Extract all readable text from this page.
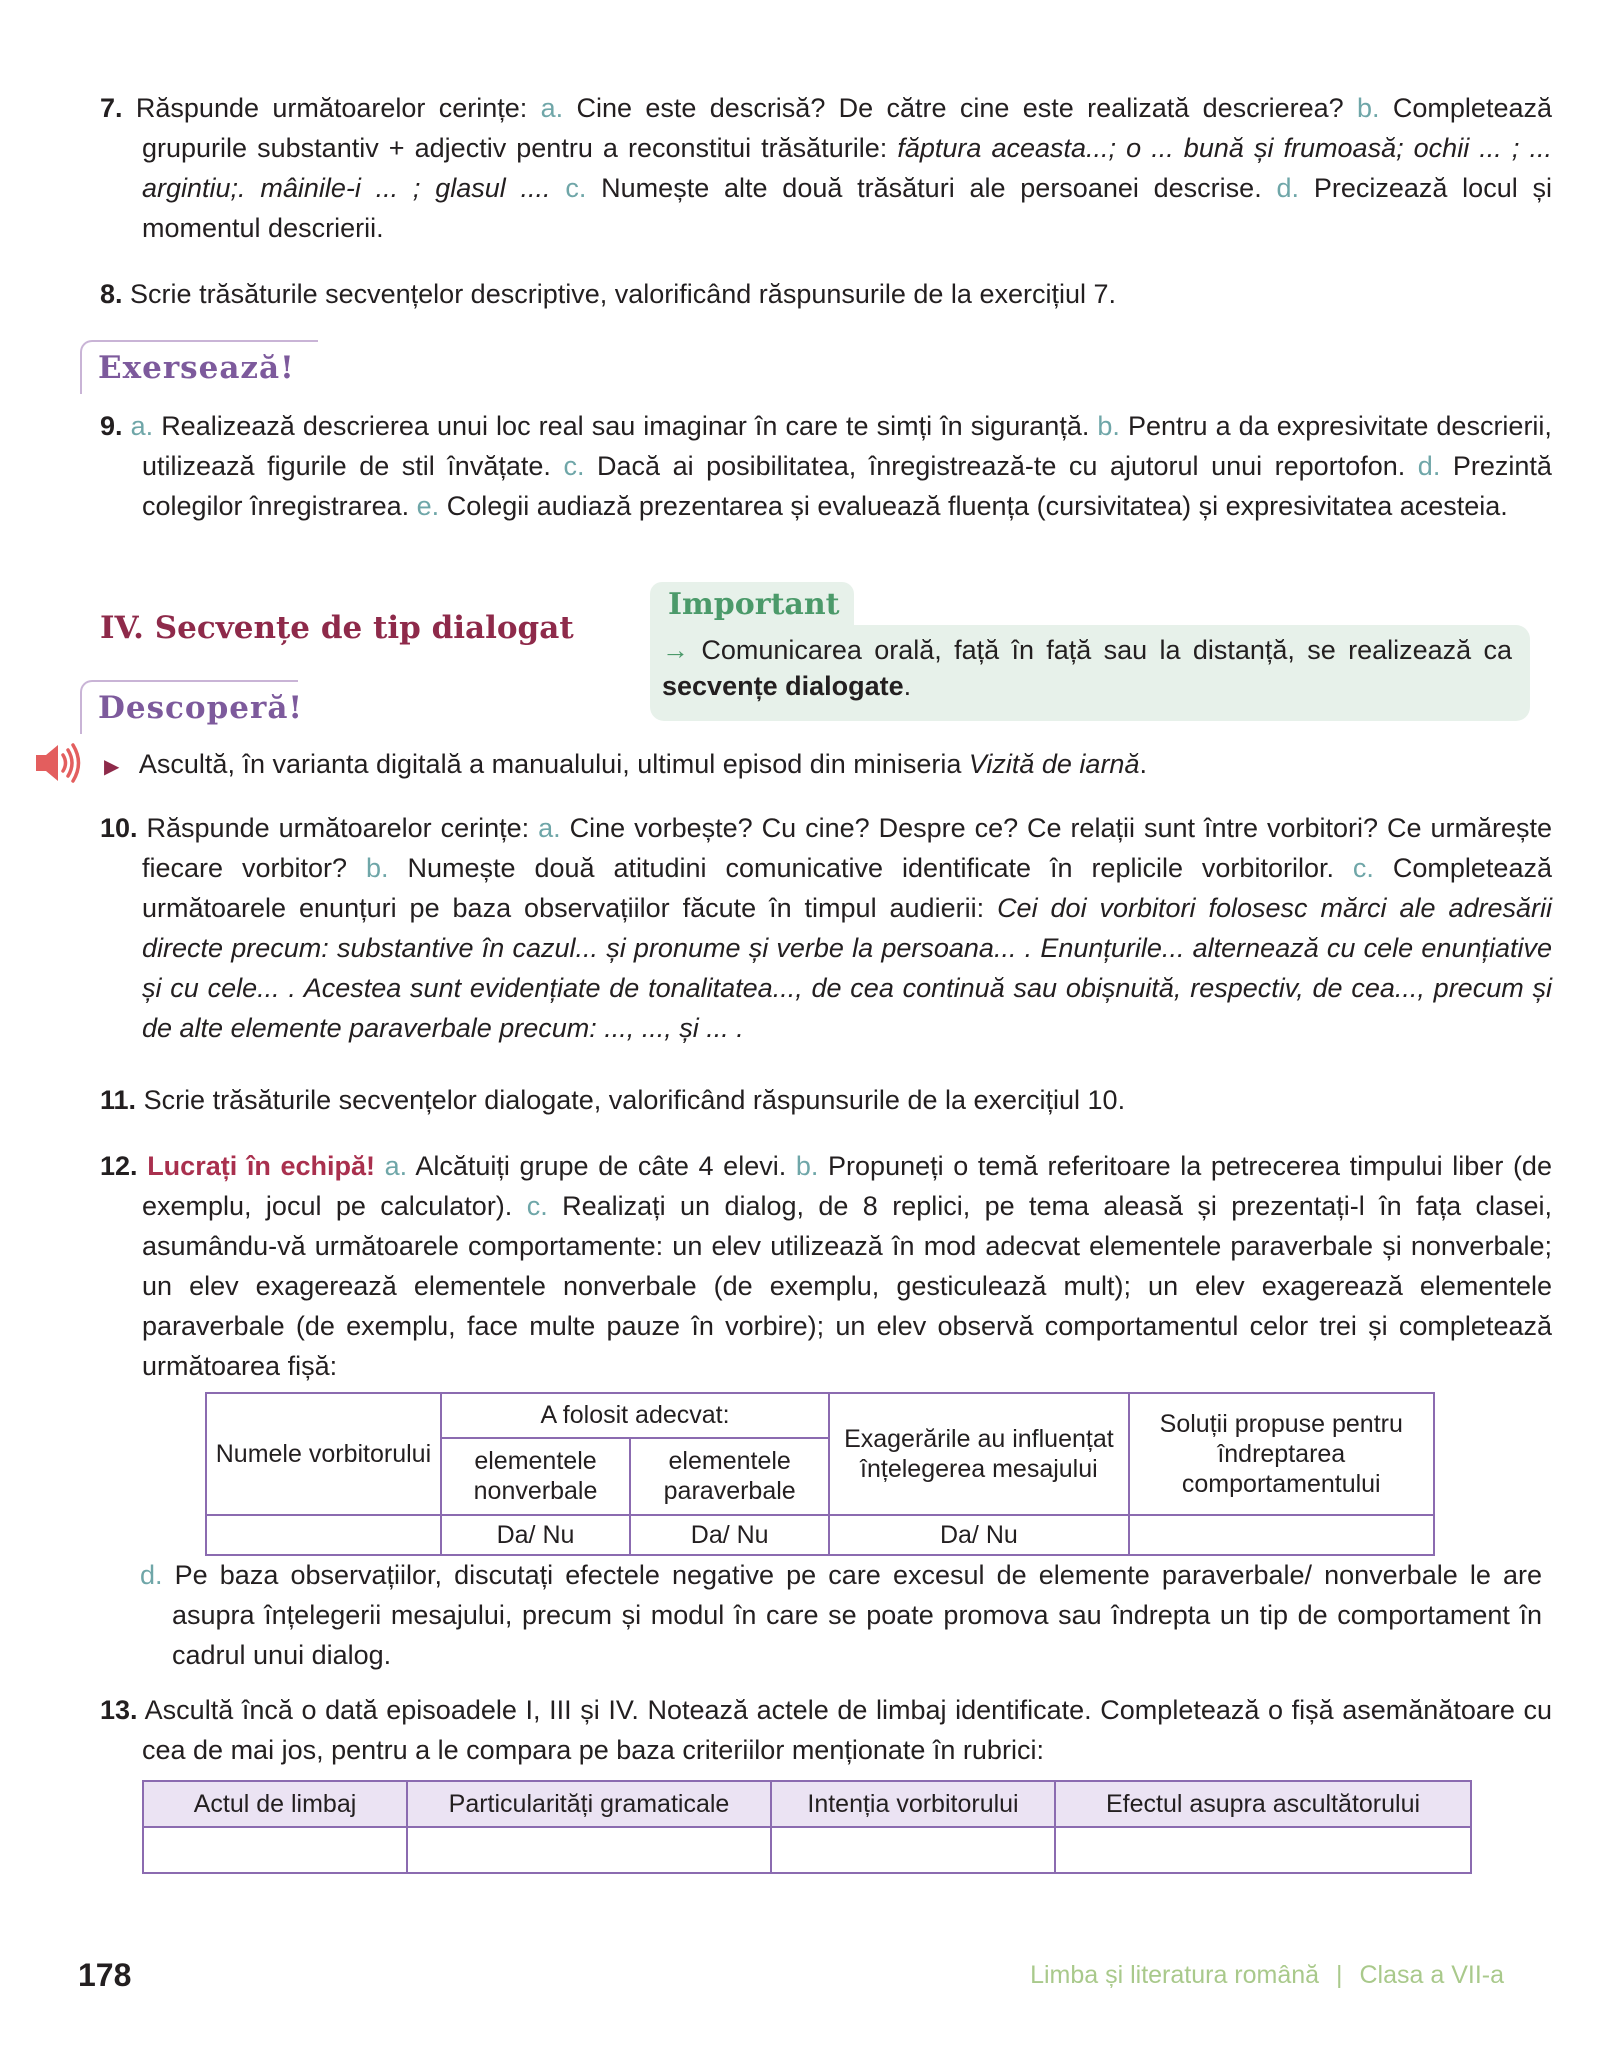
7. Răspunde următoarelor cerințe: a. Cine este descrisă? De către cine este realizată descrierea? b. Completează grupurile substantiv + adjectiv pentru a reconstitui trăsăturile: făptura aceasta...; o ... bună și frumoasă; ochii ... ; ... argintiu;. mâinile-i ... ; glasul .... c. Numește alte două trăsături ale persoanei descrise. d. Precizează locul și momentul descrierii.
8. Scrie trăsăturile secvențelor descriptive, valorificând răspunsurile de la exercițiul 7.
Exersează!
9. a. Realizează descrierea unui loc real sau imaginar în care te simți în siguranță. b. Pentru a da expresivitate descrierii, utilizează figurile de stil învățate. c. Dacă ai posibilitatea, înregistrează-te cu ajutorul unui reportofon. d. Prezintă colegilor înregistrarea. e. Colegii audiază prezentarea și evaluează fluența (cursivitatea) și expresivitatea acesteia.
IV. Secvențe de tip dialogat
Important
→ Comunicarea orală, față în față sau la distanță, se realizează ca secvențe dialogate.
Descoperă!
▶ Ascultă, în varianta digitală a manualului, ultimul episod din miniseria Vizită de iarnă.
10. Răspunde următoarelor cerințe: a. Cine vorbește? Cu cine? Despre ce? Ce relații sunt între vorbitori? Ce urmărește fiecare vorbitor? b. Numește două atitudini comunicative identificate în replicile vorbitorilor. c. Completează următoarele enunțuri pe baza observațiilor făcute în timpul audierii: Cei doi vorbitori folosesc mărci ale adresării directe precum: substantive în cazul... și pronume și verbe la persoana... . Enunțurile... alternează cu cele enunțiative și cu cele... . Acestea sunt evidențiate de tonalitatea..., de cea continuă sau obișnuită, respectiv, de cea..., precum și de alte elemente paraverbale precum: ..., ..., și ... .
11. Scrie trăsăturile secvențelor dialogate, valorificând răspunsurile de la exercițiul 10.
12. Lucrați în echipă! a. Alcătuiți grupe de câte 4 elevi. b. Propuneți o temă referitoare la petrecerea timpului liber (de exemplu, jocul pe calculator). c. Realizați un dialog, de 8 replici, pe tema aleasă și prezentați-l în fața clasei, asumându-vă următoarele comportamente: un elev utilizează în mod adecvat elementele paraverbale și nonverbale; un elev exagerează elementele nonverbale (de exemplu, gesticulează mult); un elev exagerează elementele paraverbale (de exemplu, face multe pauze în vorbire); un elev observă comportamentul celor trei și completează următoarea fișă:
Numele vorbitorului	A folosit adecvat:		Exagerările au influențat înțelegerea mesajului	Soluții propuse pentru îndreptarea comportamentului
	elementele nonverbale	elementele paraverbale		
	Da/ Nu	Da/ Nu	Da/ Nu	
d. Pe baza observațiilor, discutați efectele negative pe care excesul de elemente paraverbale/ nonverbale le are asupra înțelegerii mesajului, precum și modul în care se poate promova sau îndrepta un tip de comportament în cadrul unui dialog.
13. Ascultă încă o dată episoadele I, III și IV. Notează actele de limbaj identificate. Completează o fișă asemănătoare cu cea de mai jos, pentru a le compara pe baza criteriilor menționate în rubrici:
Actul de limbaj	Particularități gramaticale	Intenția vorbitorului	Efectul asupra ascultătorului

178	Limba și literatura română | Clasa a VII-a
